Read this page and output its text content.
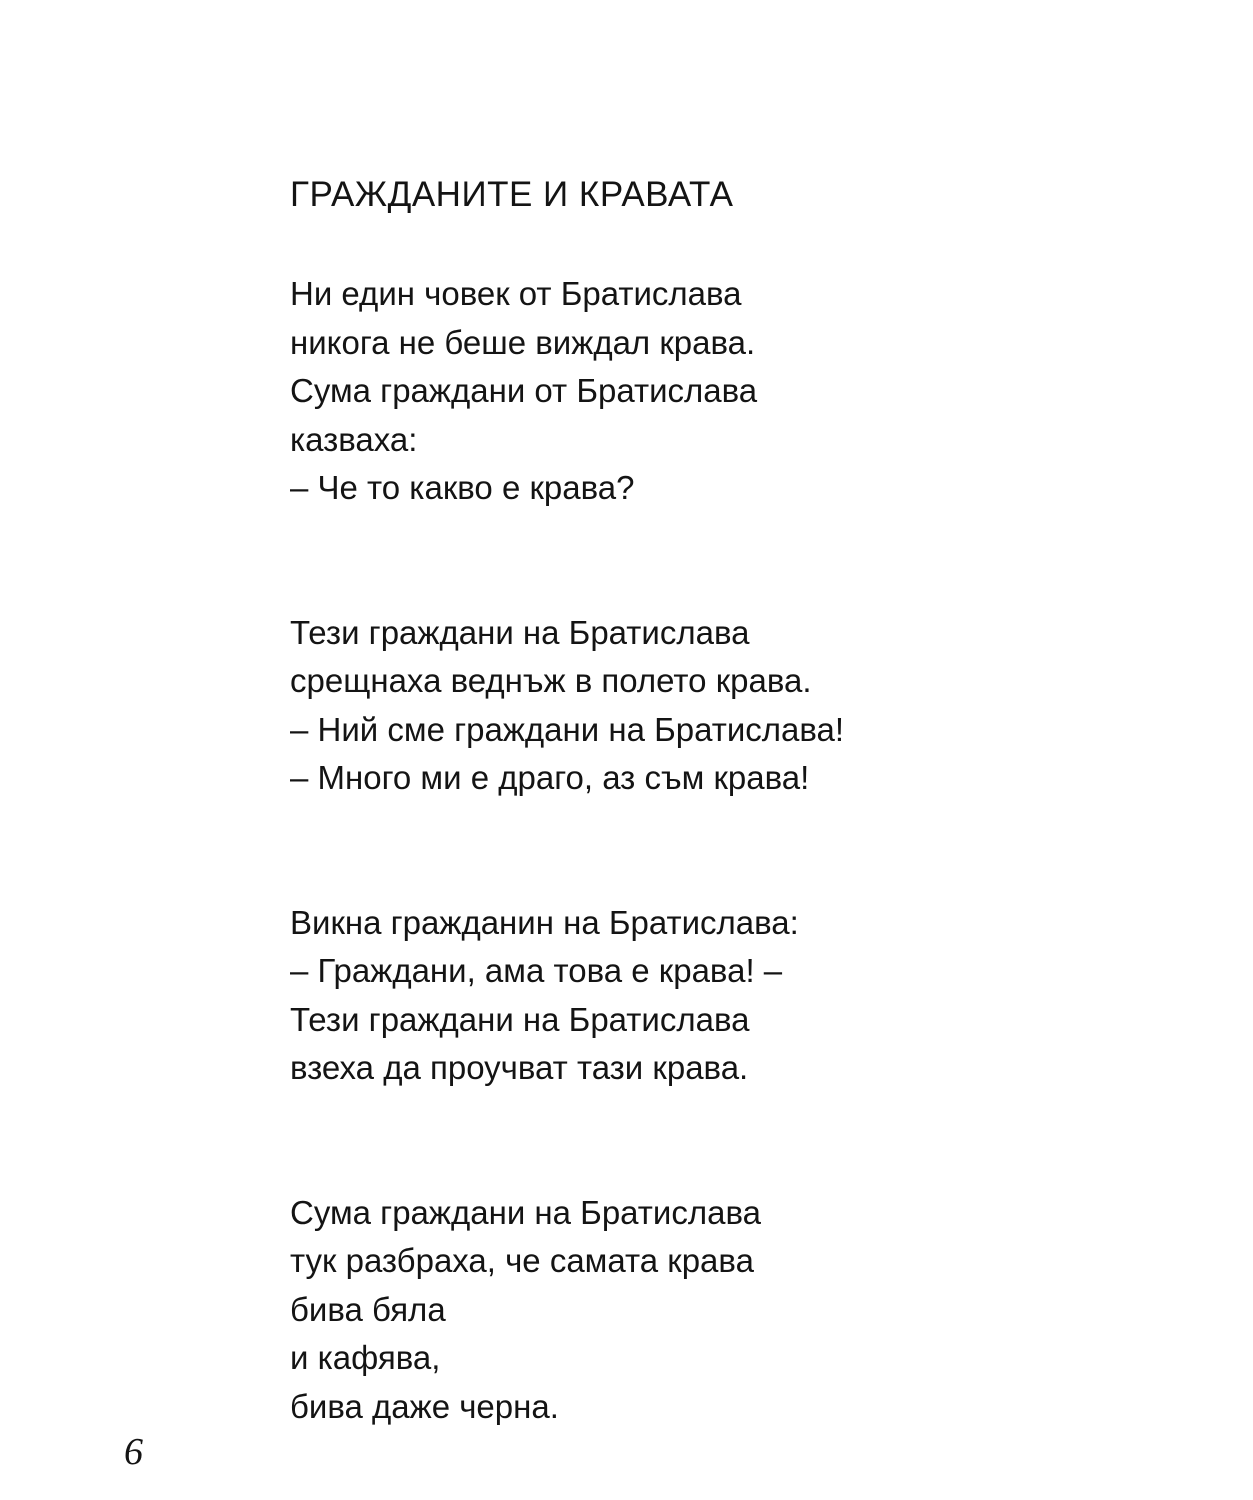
ГРАЖДАНИТЕ И КРАВАТА
Ни един човек от Братислава
никога не беше виждал крава.
Сума граждани от Братислава
казваха:
– Че то какво е крава?
Тези граждани на Братислава
срещнаха веднъж в полето крава.
– Ний сме граждани на Братислава!
– Много ми е драго, аз съм крава!
Викна гражданин на Братислава:
– Граждани, ама това е крава! –
Тези граждани на Братислава
взеха да проучват тази крава.
Сума граждани на Братислава
тук разбраха, че самата крава
бива бяла
и кафява,
бива даже черна.
6
